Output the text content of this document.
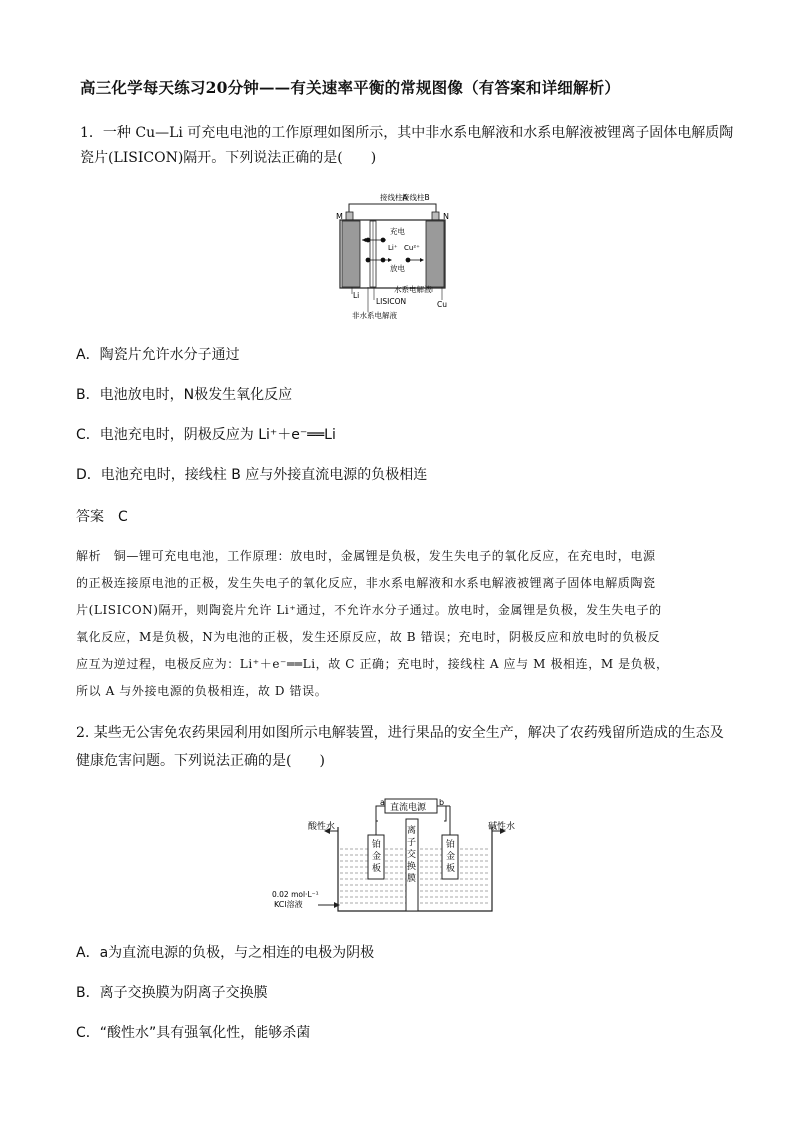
高三化学每天练习20分钟——有关速率平衡的常规图像（有答案和详细解析）
1．一种 Cu—Li 可充电电池的工作原理如图所示，其中非水系电解液和水系电解液被锂离子固体电解质陶
瓷片(LISICON)隔开。下列说法正确的是(　　)
接线柱A
接线柱B
M	N
充电
Li⁺ Cu²⁺
放电
水系电解液
Li
LISICON	Cu
非水系电解液
A．陶瓷片允许水分子通过
B．电池放电时，N极发生氧化反应
C．电池充电时，阴极反应为 Li⁺＋e⁻══Li
D．电池充电时，接线柱 B 应与外接直流电源的负极相连
答案　C
解析　铜—锂可充电电池，工作原理：放电时，金属锂是负极，发生失电子的氧化反应，在充电时，电源
的正极连接原电池的正极，发生失电子的氧化反应，非水系电解液和水系电解液被锂离子固体电解质陶瓷
片(LISICON)隔开，则陶瓷片允许 Li⁺通过，不允许水分子通过。放电时，金属锂是负极，发生失电子的
氧化反应，M是负极，N为电池的正极，发生还原反应，故 B 错误；充电时，阴极反应和放电时的负极反
应互为逆过程，电极反应为：Li⁺＋e⁻══Li，故 C 正确；充电时，接线柱 A 应与 M 极相连，M 是负极，
所以 A 与外接电源的负极相连，故 D 错误。
2. 某些无公害免农药果园利用如图所示电解装置，进行果品的安全生产，解决了农药残留所造成的生态及
健康危害问题。下列说法正确的是(　　)
直流电源
a	b
铂
金
板
铂
金
板
离
子
交
换
膜
酸性水	碱性水
0.02 mol·L⁻¹
KCl溶液
A．a为直流电源的负极，与之相连的电极为阴极
B．离子交换膜为阴离子交换膜
C．“酸性水”具有强氧化性，能够杀菌
